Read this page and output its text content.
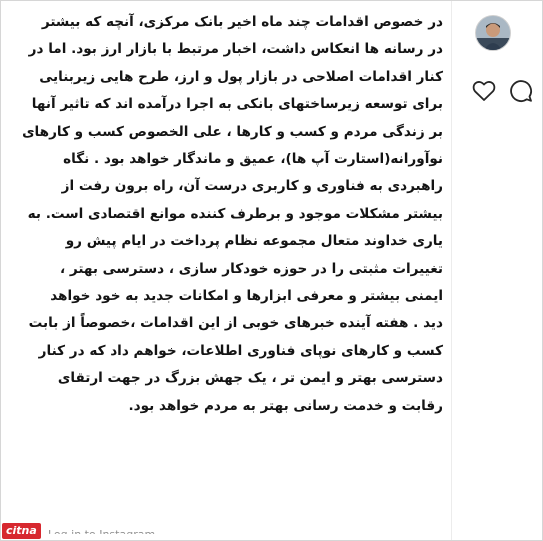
در خصوص اقدامات چند ماه اخیر بانک مرکزی، آنچه که بیشتر
در رسانه ها انعکاس داشت، اخبار مرتبط با بازار ارز بود. اما در
کنار اقدامات اصلاحی در بازار پول و ارز، طرح هایی زیربنایی
برای توسعه زیرساختهای بانکی به اجرا درآمده اند که تاثیر آنها
بر زندگی مردم و کسب و کارها ، علی الخصوص کسب و کارهای
نوآورانه(استارت آپ ها)، عمیق و ماندگار خواهد بود . نگاه
راهبردی به فناوری و کاربری درست آن، راه برون رفت از
بیشتر مشکلات موجود و برطرف کننده موانع اقتصادی است. به
یاری خداوند متعال مجموعه نظام پرداخت در ایام پیش رو
تغییرات مثبتی را در حوزه خودکار سازی ، دسترسی بهتر ،
ایمنی بیشتر و معرفی ابزارها و امکانات جدید به خود خواهد
دید . هفته آینده خبرهای خوبی از این اقدامات ،خصوصاً از بابت
کسب و کارهای نوپای فناوری اطلاعات، خواهم داد که در کنار
دسترسی بهتر و ایمن تر ، یک جهش بزرگ در جهت ارتقای
رقابت و خدمت رسانی بهتر به مردم خواهد بود.
citna
